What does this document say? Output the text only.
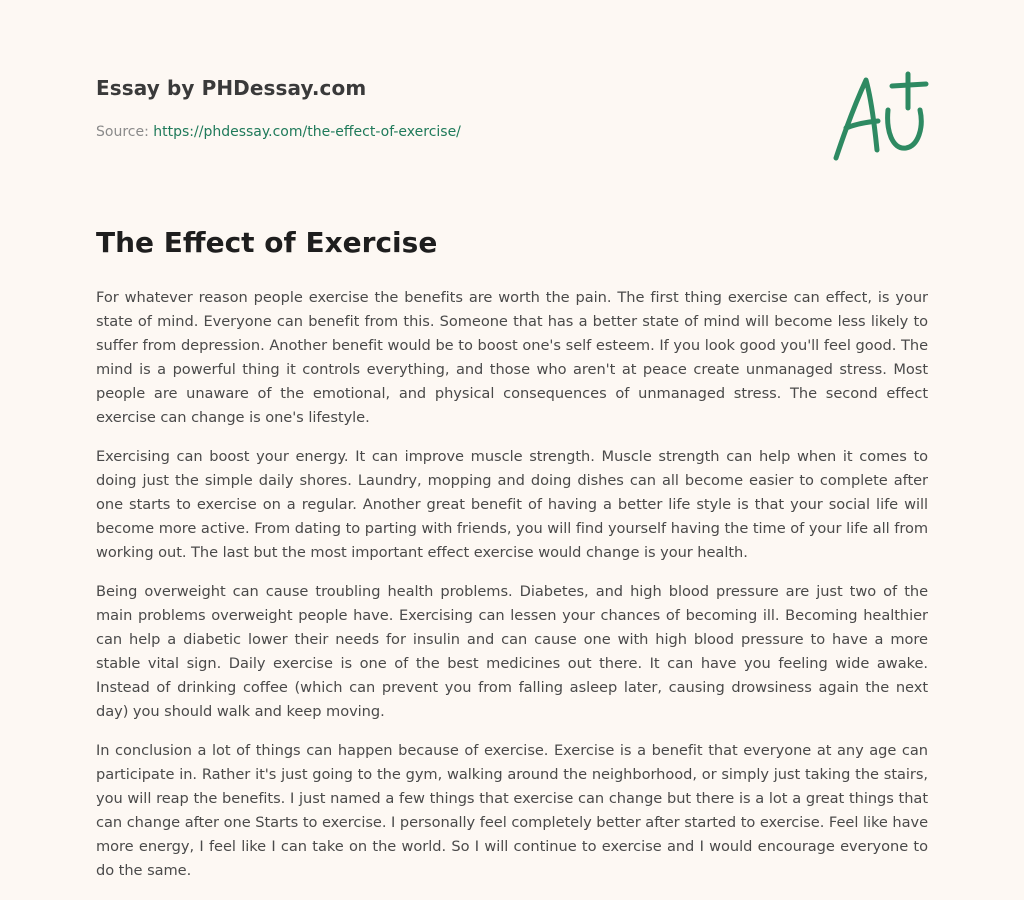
Essay by PHDessay.com
Source: https://phdessay.com/the-effect-of-exercise/
The Effect of Exercise

For whatever reason people exercise the benefits are worth the pain. The first thing exercise can effect, is your state of mind. Everyone can benefit from this. Someone that has a better state of mind will become less likely to suffer from depression. Another benefit would be to boost one's self esteem. If you look good you'll feel good. The mind is a powerful thing it controls everything, and those who aren't at peace create unmanaged stress. Most people are unaware of the emotional, and physical consequences of unmanaged stress. The second effect exercise can change is one's lifestyle.

Exercising can boost your energy. It can improve muscle strength. Muscle strength can help when it comes to doing just the simple daily shores. Laundry, mopping and doing dishes can all become easier to complete after one starts to exercise on a regular. Another great benefit of having a better life style is that your social life will become more active. From dating to parting with friends, you will find yourself having the time of your life all from working out. The last but the most important effect exercise would change is your health.

Being overweight can cause troubling health problems. Diabetes, and high blood pressure are just two of the main problems overweight people have. Exercising can lessen your chances of becoming ill. Becoming healthier can help a diabetic lower their needs for insulin and can cause one with high blood pressure to have a more stable vital sign. Daily exercise is one of the best medicines out there. It can have you feeling wide awake. Instead of drinking coffee (which can prevent you from falling asleep later, causing drowsiness again the next day) you should walk and keep moving.

In conclusion a lot of things can happen because of exercise. Exercise is a benefit that everyone at any age can participate in. Rather it's just going to the gym, walking around the neighborhood, or simply just taking the stairs, you will reap the benefits. I just named a few things that exercise can change but there is a lot a great things that can change after one Starts to exercise. I personally feel completely better after started to exercise. Feel like have more energy, I feel like I can take on the world. So I will continue to exercise and I would encourage everyone to do the same.
